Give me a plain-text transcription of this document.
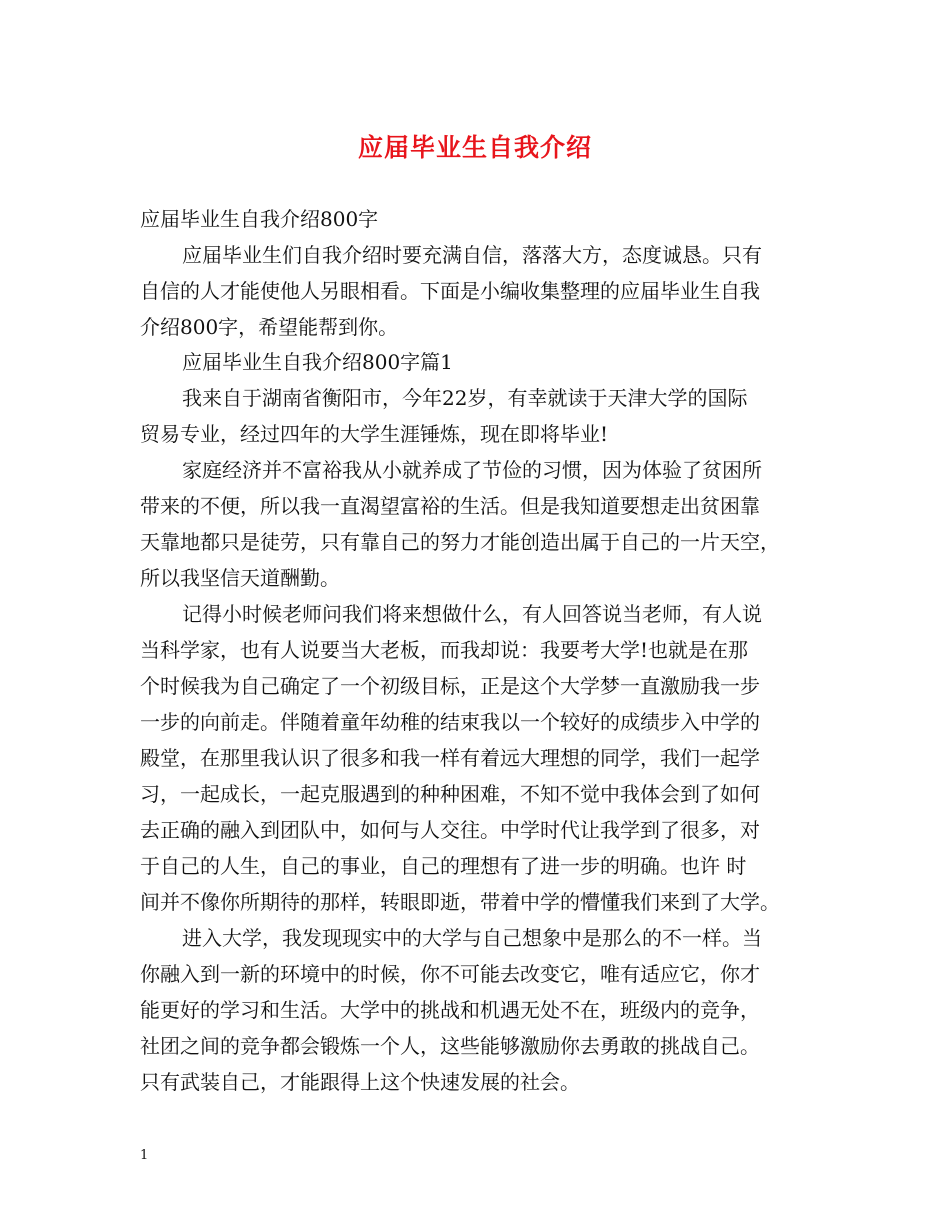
应届毕业生自我介绍
应届毕业生自我介绍800字
应届毕业生们自我介绍时要充满自信，落落大方，态度诚恳。只有
自信的人才能使他人另眼相看。下面是小编收集整理的应届毕业生自我
介绍800字，希望能帮到你。
应届毕业生自我介绍800字篇1
我来自于湖南省衡阳市，今年22岁，有幸就读于天津大学的国际
贸易专业，经过四年的大学生涯锤炼，现在即将毕业!
家庭经济并不富裕我从小就养成了节俭的习惯，因为体验了贫困所
带来的不便，所以我一直渴望富裕的生活。但是我知道要想走出贫困靠
天靠地都只是徒劳，只有靠自己的努力才能创造出属于自己的一片天空，
所以我坚信天道酬勤。
记得小时候老师问我们将来想做什么，有人回答说当老师，有人说
当科学家，也有人说要当大老板，而我却说：我要考大学!也就是在那
个时候我为自己确定了一个初级目标，正是这个大学梦一直激励我一步
一步的向前走。伴随着童年幼稚的结束我以一个较好的成绩步入中学的
殿堂，在那里我认识了很多和我一样有着远大理想的同学，我们一起学
习，一起成长，一起克服遇到的种种困难，不知不觉中我体会到了如何
去正确的融入到团队中，如何与人交往。中学时代让我学到了很多，对
于自己的人生，自己的事业，自己的理想有了进一步的明确。也许 时
间并不像你所期待的那样，转眼即逝，带着中学的懵懂我们来到了大学。
进入大学，我发现现实中的大学与自己想象中是那么的不一样。当
你融入到一新的环境中的时候，你不可能去改变它，唯有适应它，你才
能更好的学习和生活。大学中的挑战和机遇无处不在，班级内的竞争，
社团之间的竞争都会锻炼一个人，这些能够激励你去勇敢的挑战自己。
只有武装自己，才能跟得上这个快速发展的社会。
1
